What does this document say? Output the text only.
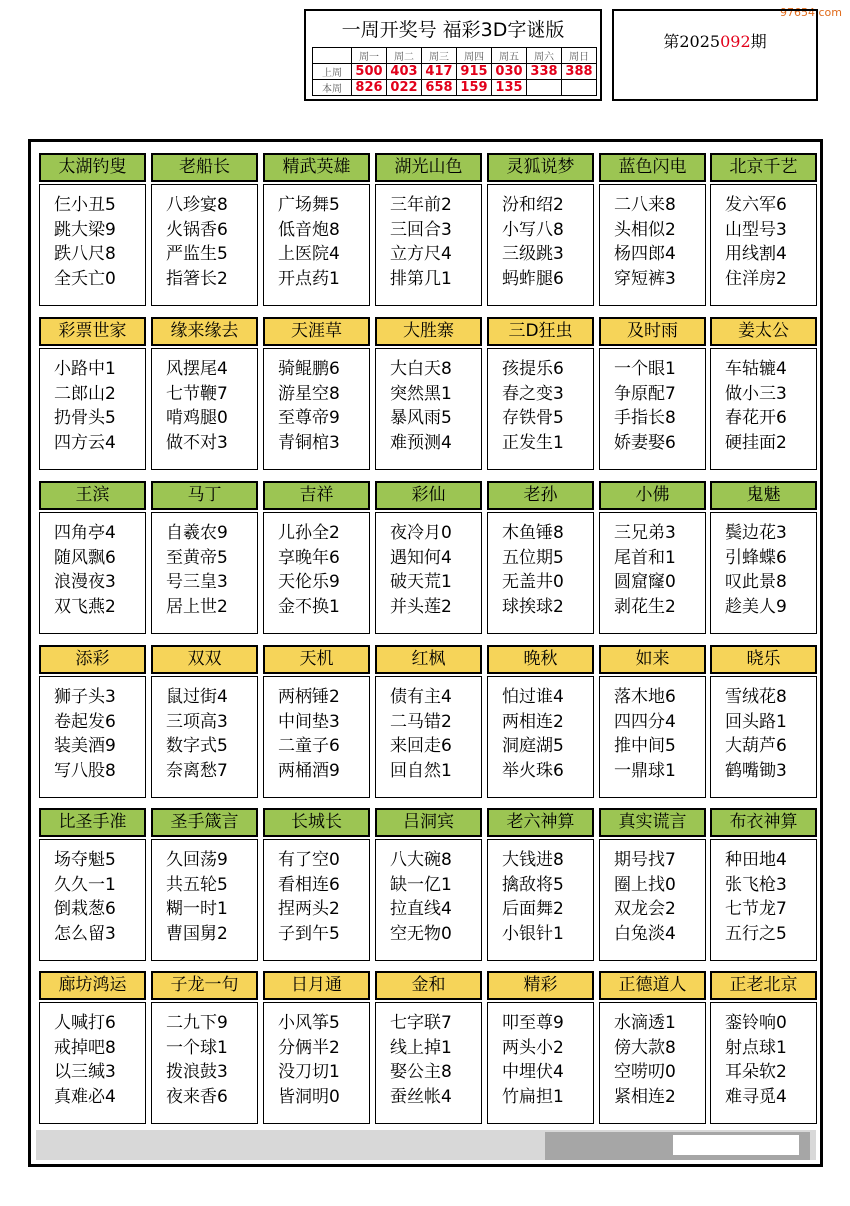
97654.com
一周开奖号 福彩3D字谜版
	周一	周二	周三	周四	周五	周六	周日
上周	500	403	417	915	030	338	388
本周	826	022	658	159	135		
第2025092期
太湖钓叟
仨小丑5
跳大梁9
跌八尺8
全夭亡0
老船长
八珍宴8
火锅香6
严监生5
指箸长2
精武英雄
广场舞5
低音炮8
上医院4
开点药1
湖光山色
三年前2
三回合3
立方尺4
排第几1
灵狐说梦
汾和绍2
小写八8
三级跳3
蚂蚱腿6
蓝色闪电
二八来8
头相似2
杨四郎4
穿短裤3
北京千艺
发六军6
山型号3
用线割4
住洋房2
彩票世家
小路中1
二郎山2
扔骨头5
四方云4
缘来缘去
风摆尾4
七节鞭7
啃鸡腿0
做不对3
天涯草
骑鲲鹏6
游星空8
至尊帝9
青铜棺3
大胜寨
大白天8
突然黑1
暴风雨5
难预测4
三D狂虫
孩提乐6
春之变3
存铁骨5
正发生1
及时雨
一个眼1
争原配7
手指长8
娇妻娶6
姜太公
车轱辘4
做小三3
春花开6
硬挂面2
王滨
四角亭4
随风飘6
浪漫夜3
双飞燕2
马丁
自羲农9
至黄帝5
号三皇3
居上世2
吉祥
儿孙全2
享晚年6
天伦乐9
金不换1
彩仙
夜冷月0
遇知何4
破天荒1
并头莲2
老孙
木鱼锤8
五位期5
无盖井0
球挨球2
小佛
三兄弟3
尾首和1
圆窟窿0
剥花生2
鬼魅
鬓边花3
引蜂蝶6
叹此景8
趁美人9
添彩
狮子头3
卷起发6
装美酒9
写八股8
双双
鼠过街4
三项高3
数字式5
奈离愁7
天机
两柄锤2
中间垫3
二童子6
两桶酒9
红枫
债有主4
二马错2
来回走6
回自然1
晚秋
怕过谁4
两相连2
洞庭湖5
举火珠6
如来
落木地6
四四分4
推中间5
一鼎球1
晓乐
雪绒花8
回头路1
大葫芦6
鹤嘴锄3
比圣手准
场夺魁5
久久一1
倒栽葱6
怎么留3
圣手箴言
久回荡9
共五轮5
糊一时1
曹国舅2
长城长
有了空0
看相连6
捏两头2
子到午5
吕洞宾
八大碗8
缺一亿1
拉直线4
空无物0
老六神算
大钱进8
擒敌将5
后面舞2
小银针1
真实谎言
期号找7
圈上找0
双龙会2
白兔淡4
布衣神算
种田地4
张飞枪3
七节龙7
五行之5
廊坊鸿运
人喊打6
戒掉吧8
以三缄3
真难必4
子龙一句
二九下9
一个球1
拨浪鼓3
夜来香6
日月通
小风筝5
分俩半2
没刀切1
皆洞明0
金和
七字联7
线上掉1
娶公主8
蚕丝帐4
精彩
叩至尊9
两头小2
中埋伏4
竹扁担1
正德道人
水滴透1
傍大款8
空唠叨0
紧相连2
正老北京
銮铃响0
射点球1
耳朵软2
难寻觅4
